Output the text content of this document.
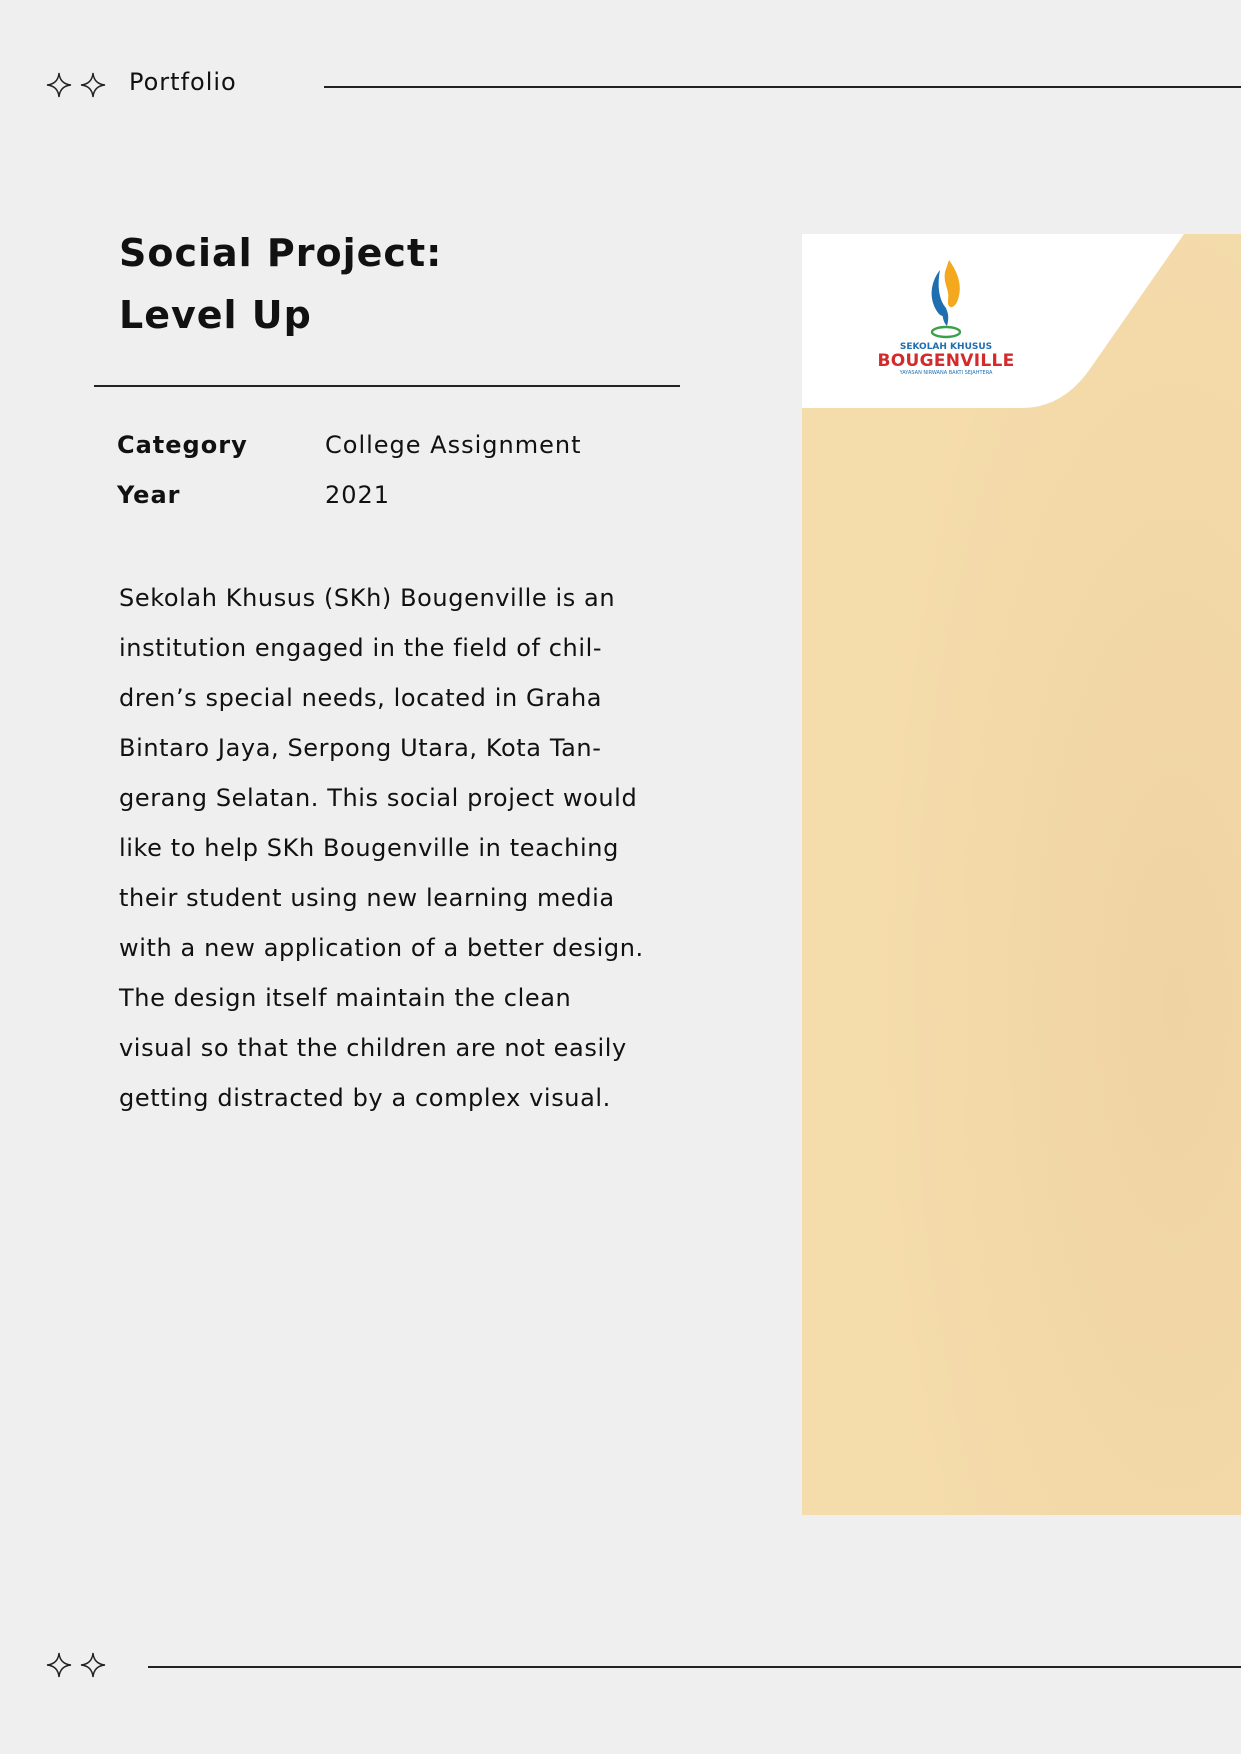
Portfolio
Social Project:
Level Up
Category	College Assignment
Year	2021

Sekolah Khusus (SKh) Bougenville is an institution engaged in the field of chil-dren’s special needs, located in Graha Bintaro Jaya, Serpong Utara, Kota Tan-gerang Selatan. This social project would like to help SKh Bougenville in teaching their student using new learning media with a new application of a better design. The design itself maintain the clean visual so that the children are not easily getting distracted by a complex visual.

SEKOLAH KHUSUS
BOUGENVILLE
YAYASAN NIRWANA BAKTI SEJAHTERA
